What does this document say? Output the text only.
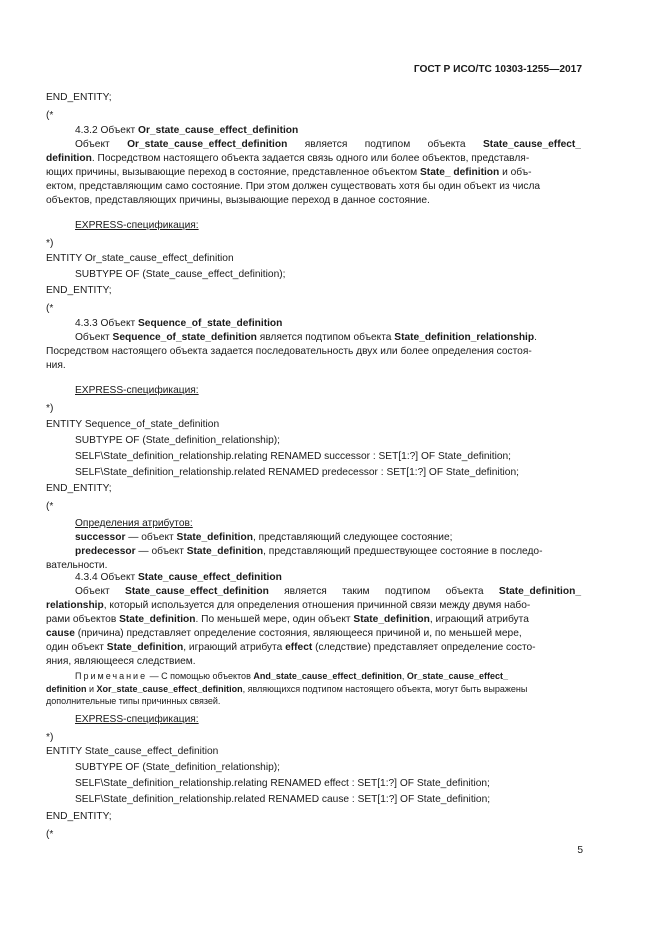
ГОСТ Р ИСО/ТС 10303-1255—2017
END_ENTITY;
(*
4.3.2 Объект Or_state_cause_effect_definition
Объект Or_state_cause_effect_definition является подтипом объекта State_cause_effect_
definition. Посредством настоящего объекта задается связь одного или более объектов, представля-
ющих причины, вызывающие переход в состояние, представленное объектом State_ definition и объ-
ектом, представляющим само состояние. При этом должен существовать хотя бы один объект из числа
объектов, представляющих причины, вызывающие переход в данное состояние.
EXPRESS-спецификация:
*)
ENTITY Or_state_cause_effect_definition
SUBTYPE OF (State_cause_effect_definition);
END_ENTITY;
(*
4.3.3 Объект Sequence_of_state_definition
Объект Sequence_of_state_definition является подтипом объекта State_definition_relationship.
Посредством настоящего объекта задается последовательность двух или более определения состоя-
ния.
EXPRESS-спецификация:
*)
ENTITY Sequence_of_state_definition
SUBTYPE OF (State_definition_relationship);
SELF\State_definition_relationship.relating RENAMED successor : SET[1:?] OF State_definition;
SELF\State_definition_relationship.related RENAMED predecessor : SET[1:?] OF State_definition;
END_ENTITY;
(*
Определения атрибутов:
successor — объект State_definition, представляющий следующее состояние;
predecessor — объект State_definition, представляющий предшествующее состояние в последо-
вательности.
4.3.4 Объект State_cause_effect_definition
Объект State_cause_effect_definition является таким подтипом объекта State_definition_
relationship, который используется для определения отношения причинной связи между двумя набо-
рами объектов State_definition. По меньшей мере, один объект State_definition, играющий атрибута
cause (причина) представляет определение состояния, являющееся причиной и, по меньшей мере,
один объект State_definition, играющий атрибута effect (следствие) представляет определение состо-
яния, являющееся следствием.
Примечание — С помощью объектов And_state_cause_effect_definition, Or_state_cause_effect_
definition и Xor_state_cause_effect_definition, являющихся подтипом настоящего объекта, могут быть выражены
дополнительные типы причинных связей.
EXPRESS-спецификация:
*)
ENTITY State_cause_effect_definition
SUBTYPE OF (State_definition_relationship);
SELF\State_definition_relationship.relating RENAMED effect : SET[1:?] OF State_definition;
SELF\State_definition_relationship.related RENAMED cause : SET[1:?] OF State_definition;
END_ENTITY;
(*
5
